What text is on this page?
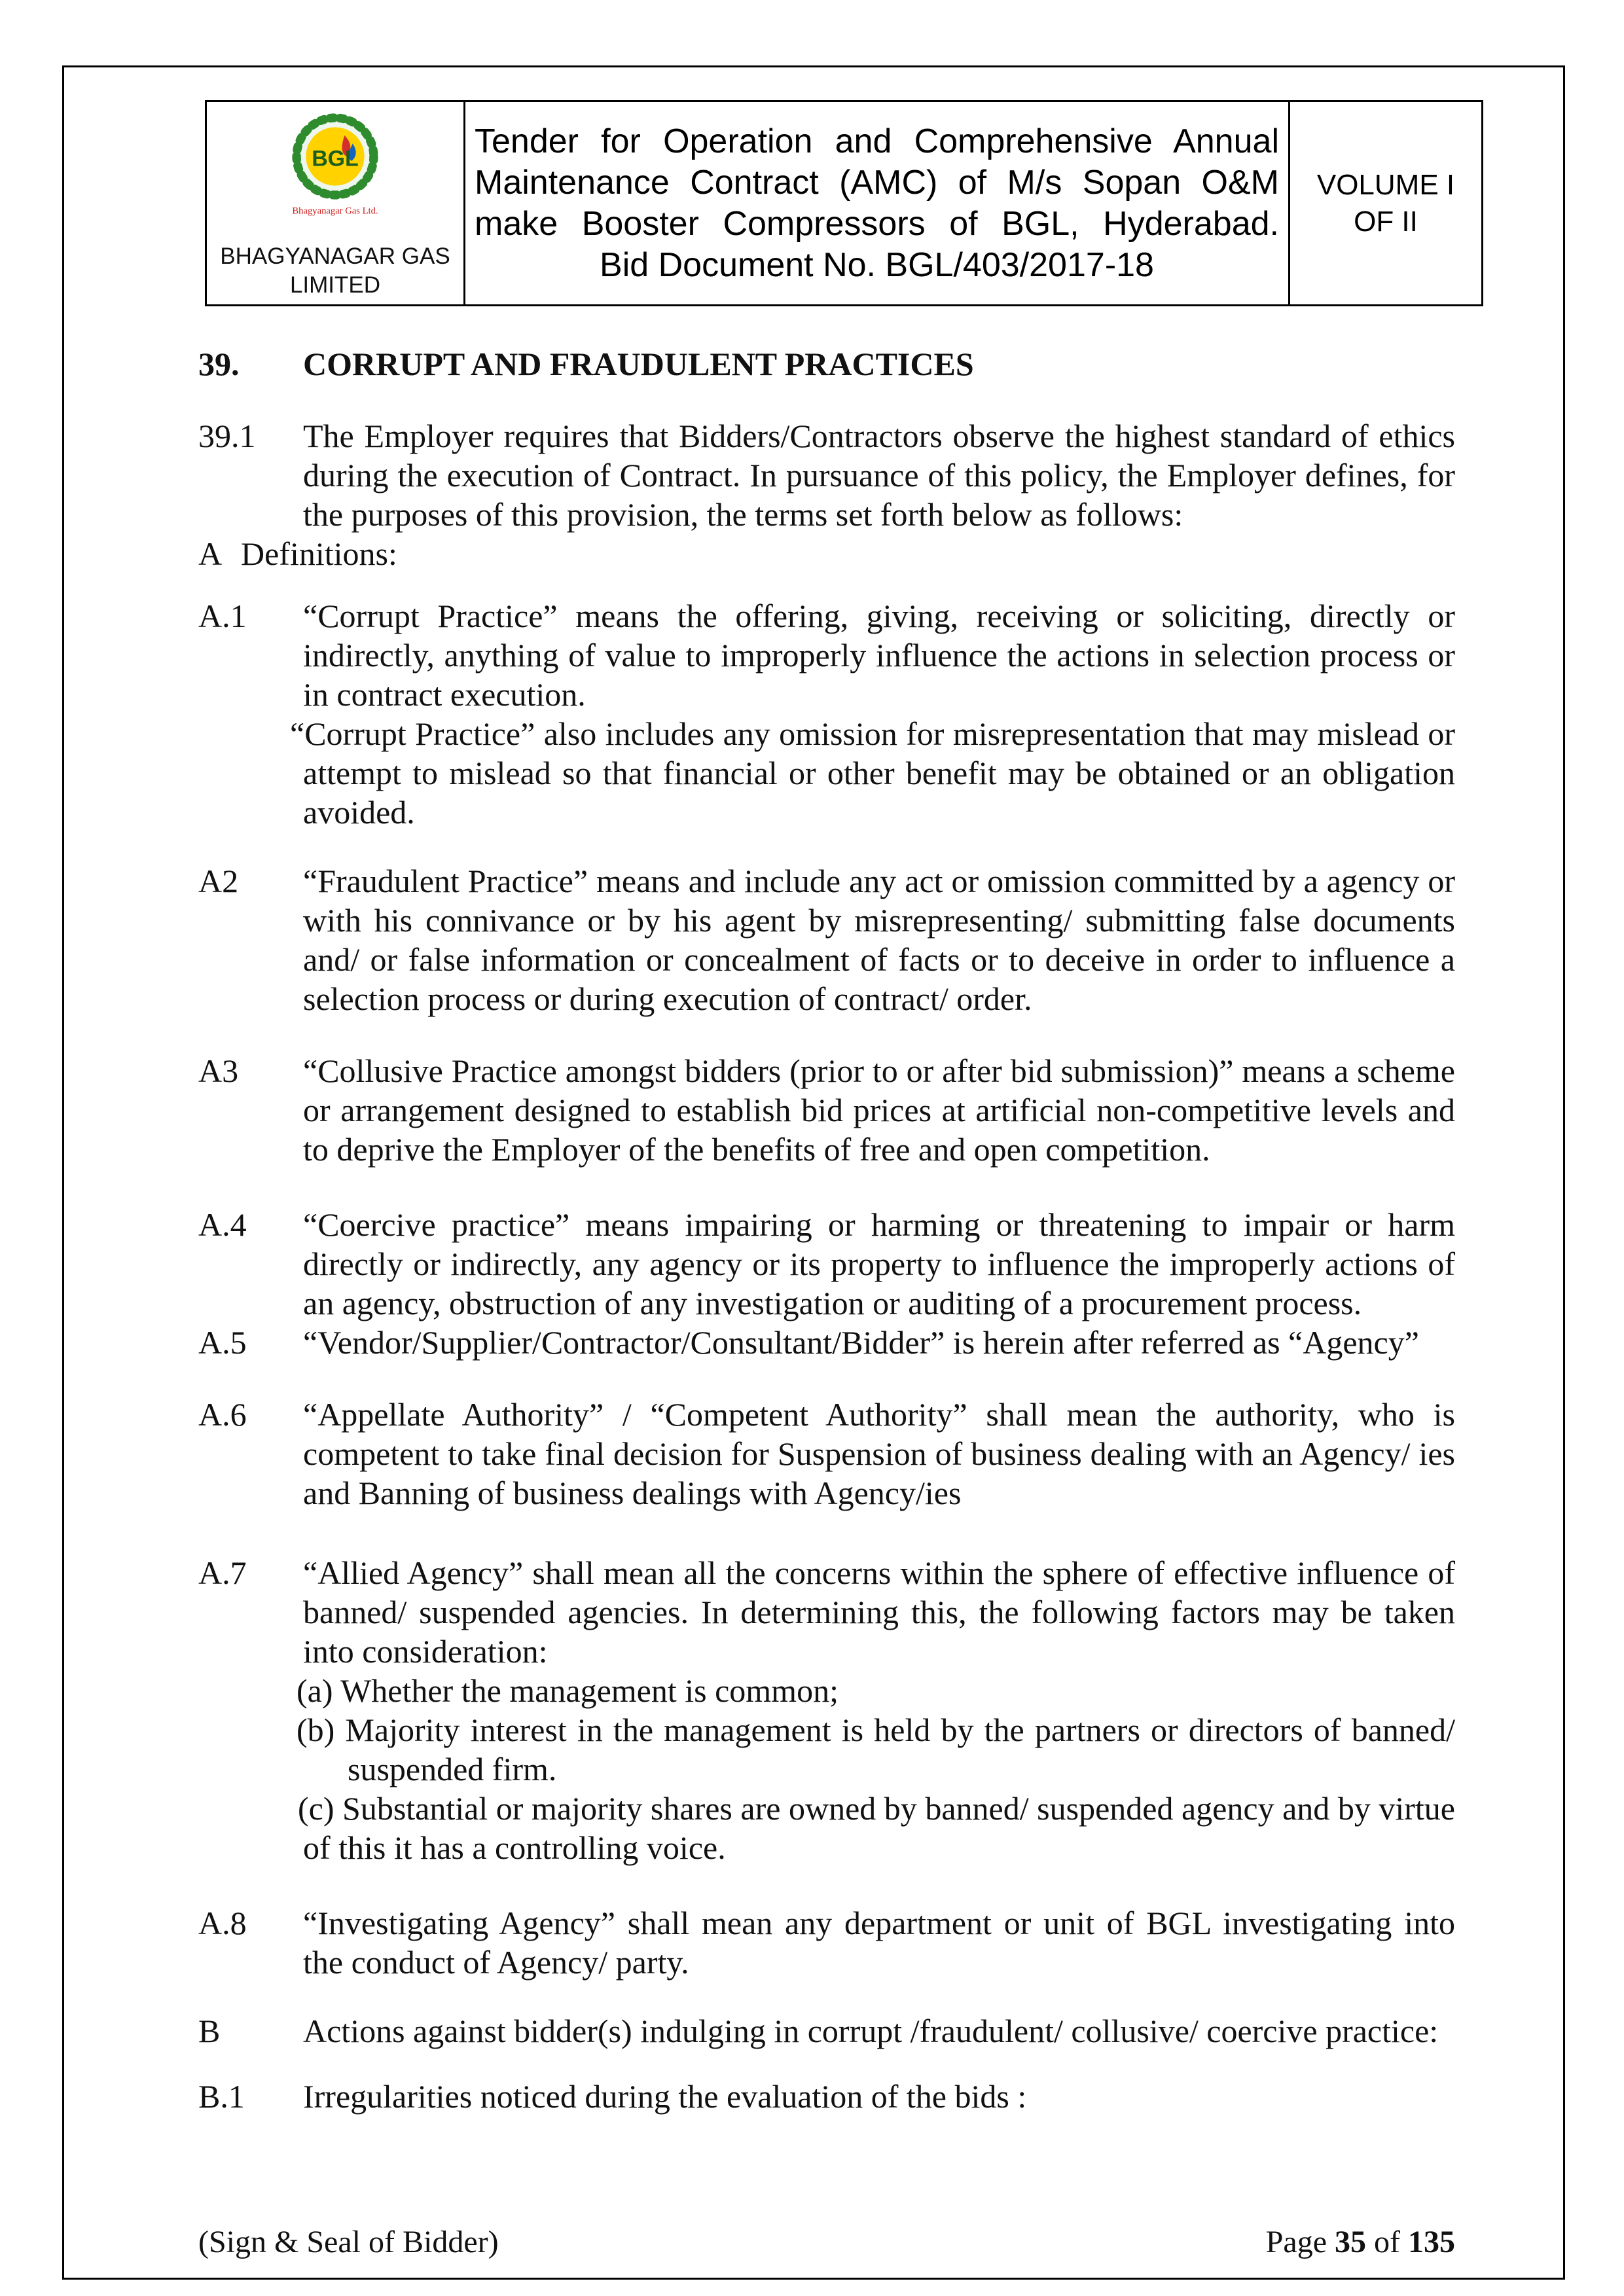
BGL
Bhagyanagar Gas Ltd.
BHAGYANAGAR GAS
LIMITED

Tender for Operation and Comprehensive Annual
Maintenance Contract (AMC) of M/s Sopan O&M
make Booster Compressors of BGL, Hyderabad.
Bid Document No. BGL/403/2017-18

VOLUME I
OF II
39. CORRUPT AND FRAUDULENT PRACTICES
39.1 The Employer requires that Bidders/Contractors observe the highest standard of ethics during the execution of Contract. In pursuance of this policy, the Employer defines, for the purposes of this provision, the terms set forth below as follows:
A Definitions:
A.1 “Corrupt Practice” means the offering, giving, receiving or soliciting, directly or indirectly, anything of value to improperly influence the actions in selection process or in contract execution.
“Corrupt Practice” also includes any omission for misrepresentation that may mislead or attempt to mislead so that financial or other benefit may be obtained or an obligation avoided.
A2 “Fraudulent Practice” means and include any act or omission committed by a agency or with his connivance or by his agent by misrepresenting/ submitting false documents and/ or false information or concealment of facts or to deceive in order to influence a selection process or during execution of contract/ order.
A3 “Collusive Practice amongst bidders (prior to or after bid submission)” means a scheme or arrangement designed to establish bid prices at artificial non-competitive levels and to deprive the Employer of the benefits of free and open competition.
A.4 “Coercive practice” means impairing or harming or threatening to impair or harm directly or indirectly, any agency or its property to influence the improperly actions of an agency, obstruction of any investigation or auditing of a procurement process.
A.5 “Vendor/Supplier/Contractor/Consultant/Bidder” is herein after referred as “Agency”
A.6 “Appellate Authority” / “Competent Authority” shall mean the authority, who is competent to take final decision for Suspension of business dealing with an Agency/ ies and Banning of business dealings with Agency/ies
A.7 “Allied Agency” shall mean all the concerns within the sphere of effective influence of banned/ suspended agencies. In determining this, the following factors may be taken into consideration:
(a) Whether the management is common;
(b) Majority interest in the management is held by the partners or directors of banned/ suspended firm.
(c) Substantial or majority shares are owned by banned/ suspended agency and by virtue of this it has a controlling voice.
A.8 “Investigating Agency” shall mean any department or unit of BGL investigating into the conduct of Agency/ party.
B	Actions against bidder(s) indulging in corrupt /fraudulent/ collusive/ coercive practice:
B.1 Irregularities noticed during the evaluation of the bids :
(Sign & Seal of Bidder)	Page 35 of 135
